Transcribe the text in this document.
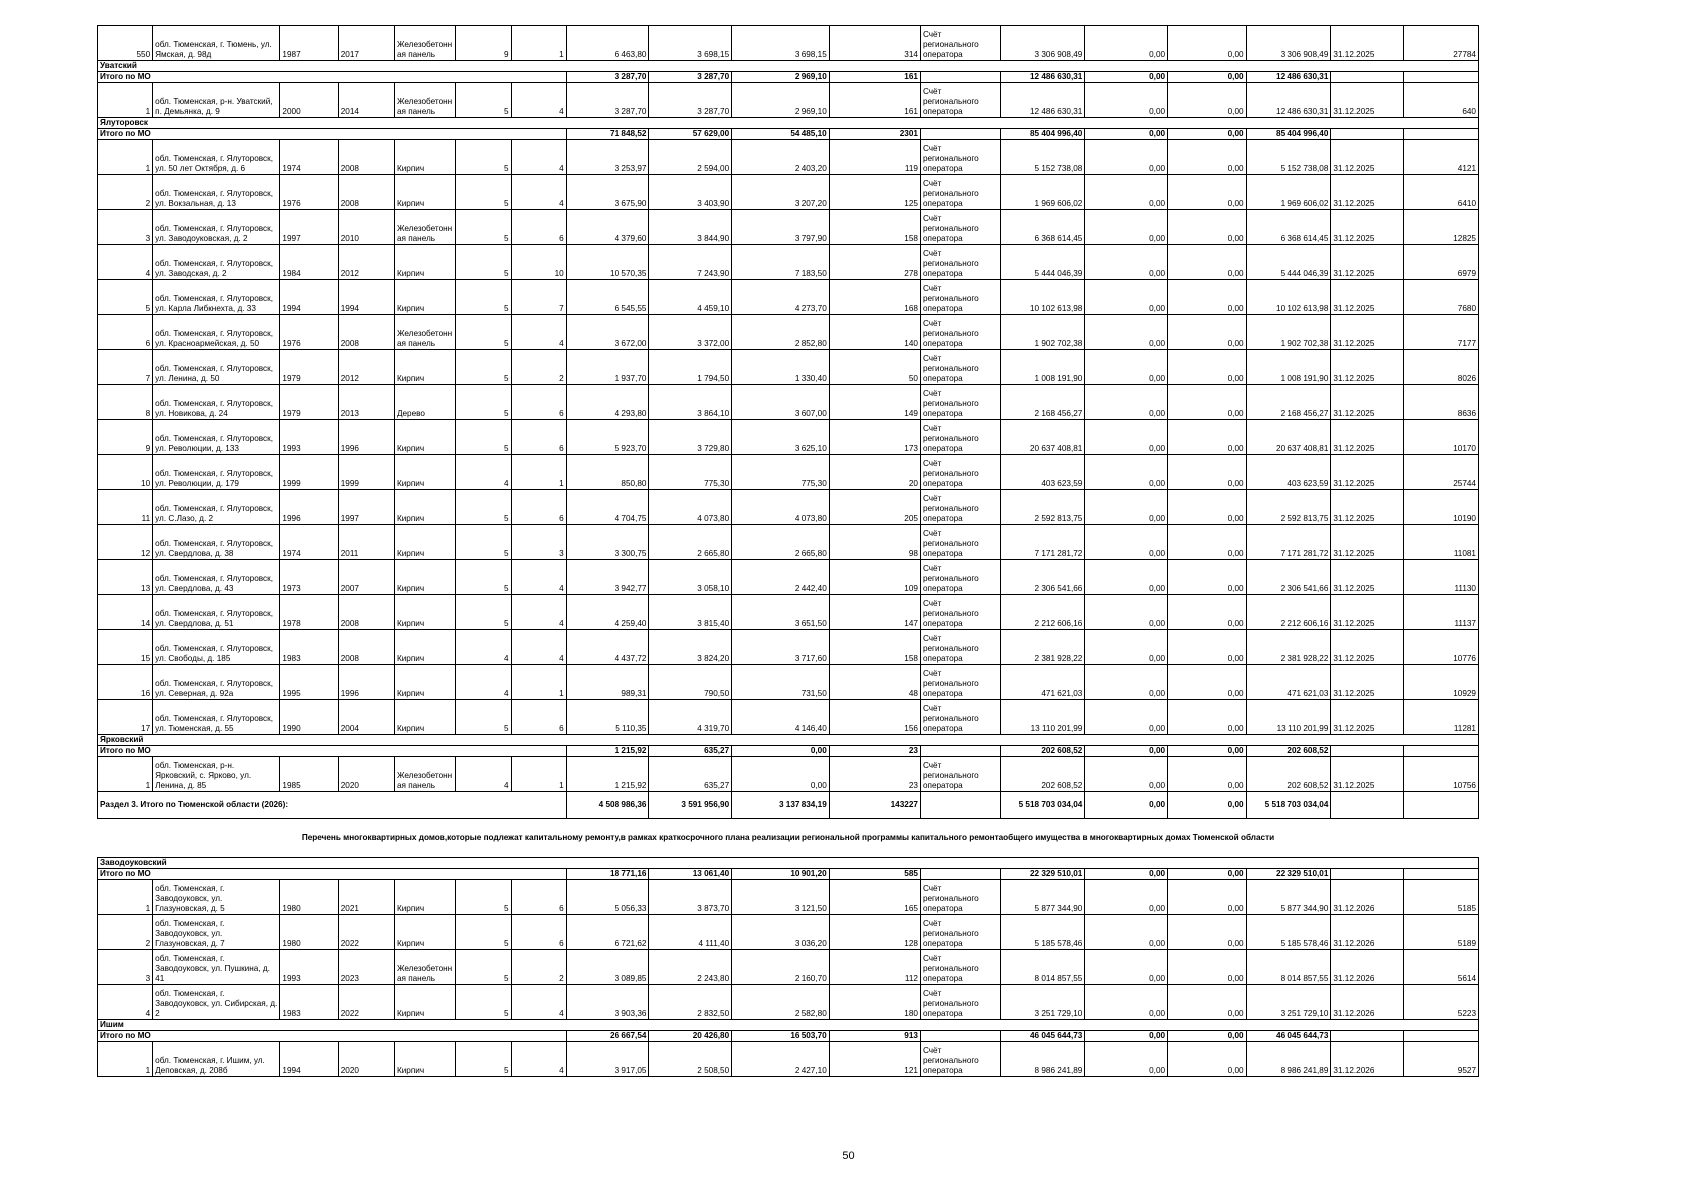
550	обл. Тюменская, г. Тюмень, ул. Ямская, д. 98д	1987	2017	Железобетонная панель	9	1	6 463,80	3 698,15	3 698,15	314	Счёт регионального оператора	3 306 908,49	0,00	0,00	3 306 908,49	31.12.2025	27784
Уватский																	
Итого по МО							3 287,70	3 287,70	2 969,10	161		12 486 630,31	0,00	0,00	12 486 630,31		
1	обл. Тюменская, р-н. Уватский, п. Демьянка, д. 9	2000	2014	Железобетонная панель	5	4	3 287,70	3 287,70	2 969,10	161	Счёт регионального оператора	12 486 630,31	0,00	0,00	12 486 630,31	31.12.2025	640
Ялуторовск																	
Итого по МО							71 848,52	57 629,00	54 485,10	2301		85 404 996,40	0,00	0,00	85 404 996,40		
1	обл. Тюменская, г. Ялуторовск, ул. 50 лет Октября, д. 6	1974	2008	Кирпич	5	4	3 253,97	2 594,00	2 403,20	119	Счёт регионального оператора	5 152 738,08	0,00	0,00	5 152 738,08	31.12.2025	4121
2	обл. Тюменская, г. Ялуторовск, ул. Вокзальная, д. 13	1976	2008	Кирпич	5	4	3 675,90	3 403,90	3 207,20	125	Счёт регионального оператора	1 969 606,02	0,00	0,00	1 969 606,02	31.12.2025	6410
3	обл. Тюменская, г. Ялуторовск, ул. Заводоуковская, д. 2	1997	2010	Железобетонная панель	5	6	4 379,60	3 844,90	3 797,90	158	Счёт регионального оператора	6 368 614,45	0,00	0,00	6 368 614,45	31.12.2025	12825
4	обл. Тюменская, г. Ялуторовск, ул. Заводская, д. 2	1984	2012	Кирпич	5	10	10 570,35	7 243,90	7 183,50	278	Счёт регионального оператора	5 444 046,39	0,00	0,00	5 444 046,39	31.12.2025	6979
5	обл. Тюменская, г. Ялуторовск, ул. Карла Либкнехта, д. 33	1994	1994	Кирпич	5	7	6 545,55	4 459,10	4 273,70	168	Счёт регионального оператора	10 102 613,98	0,00	0,00	10 102 613,98	31.12.2025	7680
6	обл. Тюменская, г. Ялуторовск, ул. Красноармейская, д. 50	1976	2008	Железобетонная панель	5	4	3 672,00	3 372,00	2 852,80	140	Счёт регионального оператора	1 902 702,38	0,00	0,00	1 902 702,38	31.12.2025	7177
7	обл. Тюменская, г. Ялуторовск, ул. Ленина, д. 50	1979	2012	Кирпич	5	2	1 937,70	1 794,50	1 330,40	50	Счёт регионального оператора	1 008 191,90	0,00	0,00	1 008 191,90	31.12.2025	8026
8	обл. Тюменская, г. Ялуторовск, ул. Новикова, д. 24	1979	2013	Дерево	5	6	4 293,80	3 864,10	3 607,00	149	Счёт регионального оператора	2 168 456,27	0,00	0,00	2 168 456,27	31.12.2025	8636
9	обл. Тюменская, г. Ялуторовск, ул. Революции, д. 133	1993	1996	Кирпич	5	6	5 923,70	3 729,80	3 625,10	173	Счёт регионального оператора	20 637 408,81	0,00	0,00	20 637 408,81	31.12.2025	10170
10	обл. Тюменская, г. Ялуторовск, ул. Революции, д. 179	1999	1999	Кирпич	4	1	850,80	775,30	775,30	20	Счёт регионального оператора	403 623,59	0,00	0,00	403 623,59	31.12.2025	25744
11	обл. Тюменская, г. Ялуторовск, ул. С.Лазо, д. 2	1996	1997	Кирпич	5	6	4 704,75	4 073,80	4 073,80	205	Счёт регионального оператора	2 592 813,75	0,00	0,00	2 592 813,75	31.12.2025	10190
12	обл. Тюменская, г. Ялуторовск, ул. Свердлова, д. 38	1974	2011	Кирпич	5	3	3 300,75	2 665,80	2 665,80	98	Счёт регионального оператора	7 171 281,72	0,00	0,00	7 171 281,72	31.12.2025	11081
13	обл. Тюменская, г. Ялуторовск, ул. Свердлова, д. 43	1973	2007	Кирпич	5	4	3 942,77	3 058,10	2 442,40	109	Счёт регионального оператора	2 306 541,66	0,00	0,00	2 306 541,66	31.12.2025	11130
14	обл. Тюменская, г. Ялуторовск, ул. Свердлова, д. 51	1978	2008	Кирпич	5	4	4 259,40	3 815,40	3 651,50	147	Счёт регионального оператора	2 212 606,16	0,00	0,00	2 212 606,16	31.12.2025	11137
15	обл. Тюменская, г. Ялуторовск, ул. Свободы, д. 185	1983	2008	Кирпич	4	4	4 437,72	3 824,20	3 717,60	158	Счёт регионального оператора	2 381 928,22	0,00	0,00	2 381 928,22	31.12.2025	10776
16	обл. Тюменская, г. Ялуторовск, ул. Северная, д. 92а	1995	1996	Кирпич	4	1	989,31	790,50	731,50	48	Счёт регионального оператора	471 621,03	0,00	0,00	471 621,03	31.12.2025	10929
17	обл. Тюменская, г. Ялуторовск, ул. Тюменская, д. 55	1990	2004	Кирпич	5	6	5 110,35	4 319,70	4 146,40	156	Счёт регионального оператора	13 110 201,99	0,00	0,00	13 110 201,99	31.12.2025	11281
Ярковский																	
Итого по МО							1 215,92	635,27	0,00	23		202 608,52	0,00	0,00	202 608,52		
1	обл. Тюменская, р-н. Ярковский, с. Ярково, ул. Ленина, д. 85	1985	2020	Железобетонная панель	4	1	1 215,92	635,27	0,00	23	Счёт регионального оператора	202 608,52	0,00	0,00	202 608,52	31.12.2025	10756
Раздел 3. Итого по Тюменской области (2026):							4 508 986,36	3 591 956,90	3 137 834,19	143227		5 518 703 034,04	0,00	0,00	5 518 703 034,04		
Перечень многоквартирных домов,которые подлежат капитальному ремонту,в рамках краткосрочного плана реализации региональной программы капитального ремонтаобщего имущества в многоквартирных домах Тюменской области																	
Заводоуковский																	
Итого по МО							18 771,16	13 061,40	10 901,20	585		22 329 510,01	0,00	0,00	22 329 510,01		
1	обл. Тюменская, г. Заводоуковск, ул. Глазуновская, д. 5	1980	2021	Кирпич	5	6	5 056,33	3 873,70	3 121,50	165	Счёт регионального оператора	5 877 344,90	0,00	0,00	5 877 344,90	31.12.2026	5185
2	обл. Тюменская, г. Заводоуковск, ул. Глазуновская, д. 7	1980	2022	Кирпич	5	6	6 721,62	4 111,40	3 036,20	128	Счёт регионального оператора	5 185 578,46	0,00	0,00	5 185 578,46	31.12.2026	5189
3	обл. Тюменская, г. Заводоуковск, ул. Пушкина, д. 41	1993	2023	Железобетонная панель	5	2	3 089,85	2 243,80	2 160,70	112	Счёт регионального оператора	8 014 857,55	0,00	0,00	8 014 857,55	31.12.2026	5614
4	обл. Тюменская, г. Заводоуковск, ул. Сибирская, д. 2	1983	2022	Кирпич	5	4	3 903,36	2 832,50	2 582,80	180	Счёт регионального оператора	3 251 729,10	0,00	0,00	3 251 729,10	31.12.2026	5223
Ишим																	
Итого по МО							26 667,54	20 426,80	16 503,70	913		46 045 644,73	0,00	0,00	46 045 644,73		
1	обл. Тюменская, г. Ишим, ул. Деповская, д. 208б	1994	2020	Кирпич	5	4	3 917,05	2 508,50	2 427,10	121	Счёт регионального оператора	8 986 241,89	0,00	0,00	8 986 241,89	31.12.2026	9527
50
